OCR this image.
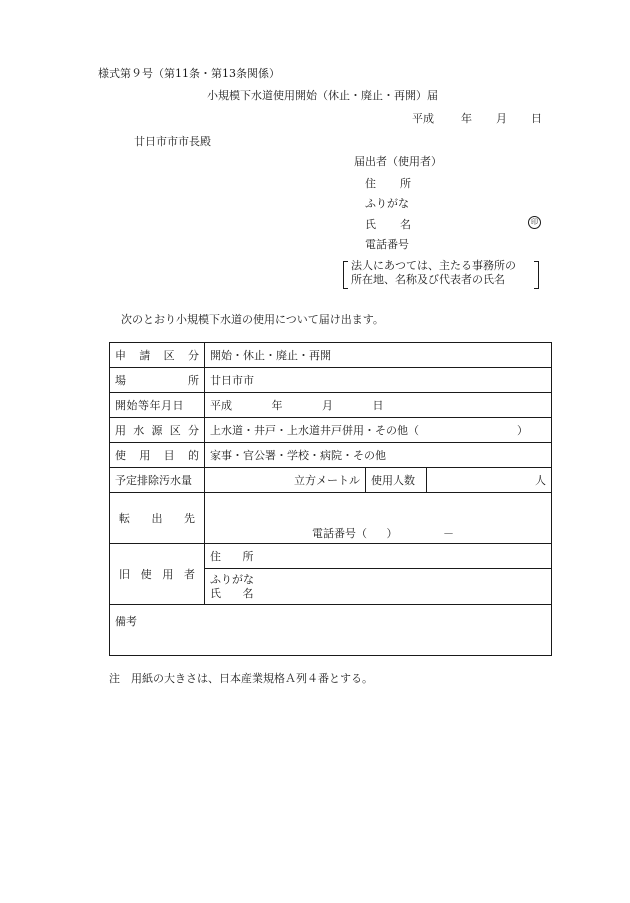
様式第９号（第11条・第13条関係）
小規模下水道使用開始（休止・廃止・再開）届
平成 年 月 日
廿日市市市長殿
届出者（使用者）
住 所
ふりがな
氏 名	印
電話番号
法人にあつては、主たる事務所の
所在地、名称及び代表者の氏名
次のとおり小規模下水道の使用について届け出ます。
申 請 区 分	開始・休止・廃止・再開		

場 所	廿日市市		

開始等年月日	平成 年 月 日		

用 水 源 区 分	上水道・井戸・上水道井戸併用・その他（ ）		

使 用 目 的	家事・官公署・学校・病院・その他		
予定排除汚水量	立方メートル	使用人数	人

転 出 先	電話番号（ ） －		

旧 使 用 者	住 所		

	ふりがな
氏 名		

備考			
注　用紙の大きさは、日本産業規格Ａ列４番とする。
